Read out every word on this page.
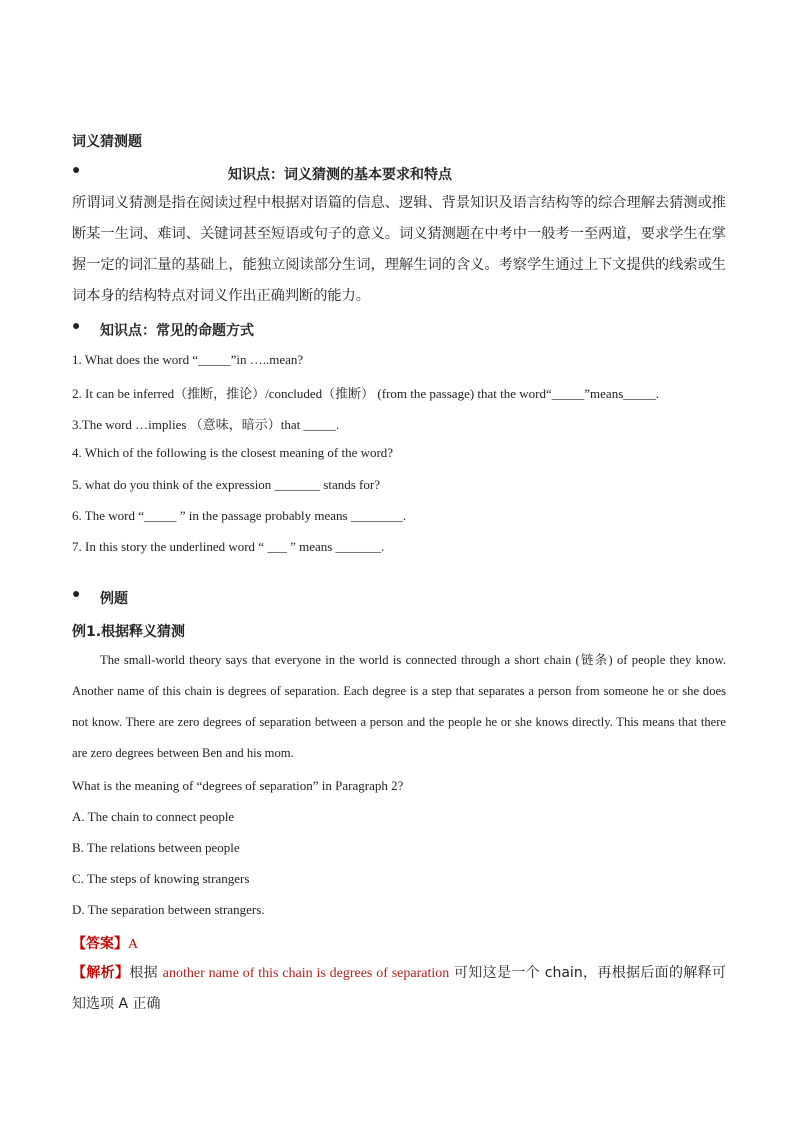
词义猜测题
●	知识点：词义猜测的基本要求和特点
所谓词义猜测是指在阅读过程中根据对语篇的信息、逻辑、背景知识及语言结构等的综合理解去猜测或推断某一生词、难词、关键词甚至短语或句子的意义。词义猜测题在中考中一般考一至两道，要求学生在掌握一定的词汇量的基础上，能独立阅读部分生词，理解生词的含义。考察学生通过上下文提供的线索或生词本身的结构特点对词义作出正确判断的能力。
● 知识点：常见的命题方式
1. What does the word “_____”in …..mean?
2. It can be inferred（推断，推论）/concluded（推断） (from the passage) that the word“_____”means_____.
3.The word …implies （意味，暗示）that _____.
4. Which of the following is the closest meaning of the word?
5. what do you think of the expression _______ stands for?
6. The word “_____ ” in the passage probably means ________.
7. In this story the underlined word “ ___ ” means _______.
● 例题
例1.根据释义猜测
The small-world theory says that everyone in the world is connected through a short chain (链条) of people they know. Another name of this chain is degrees of separation. Each degree is a step that separates a person from someone he or she does not know. There are zero degrees of separation between a person and the people he or she knows directly. This means that there are zero degrees between Ben and his mom.
What is the meaning of “degrees of separation” in Paragraph 2?
A. The chain to connect people
B. The relations between people
C. The steps of knowing strangers
D. The separation between strangers.
【答案】A
【解析】根据 another name of this chain is degrees of separation 可知这是一个 chain，再根据后面的解释可知选项 A 正确
